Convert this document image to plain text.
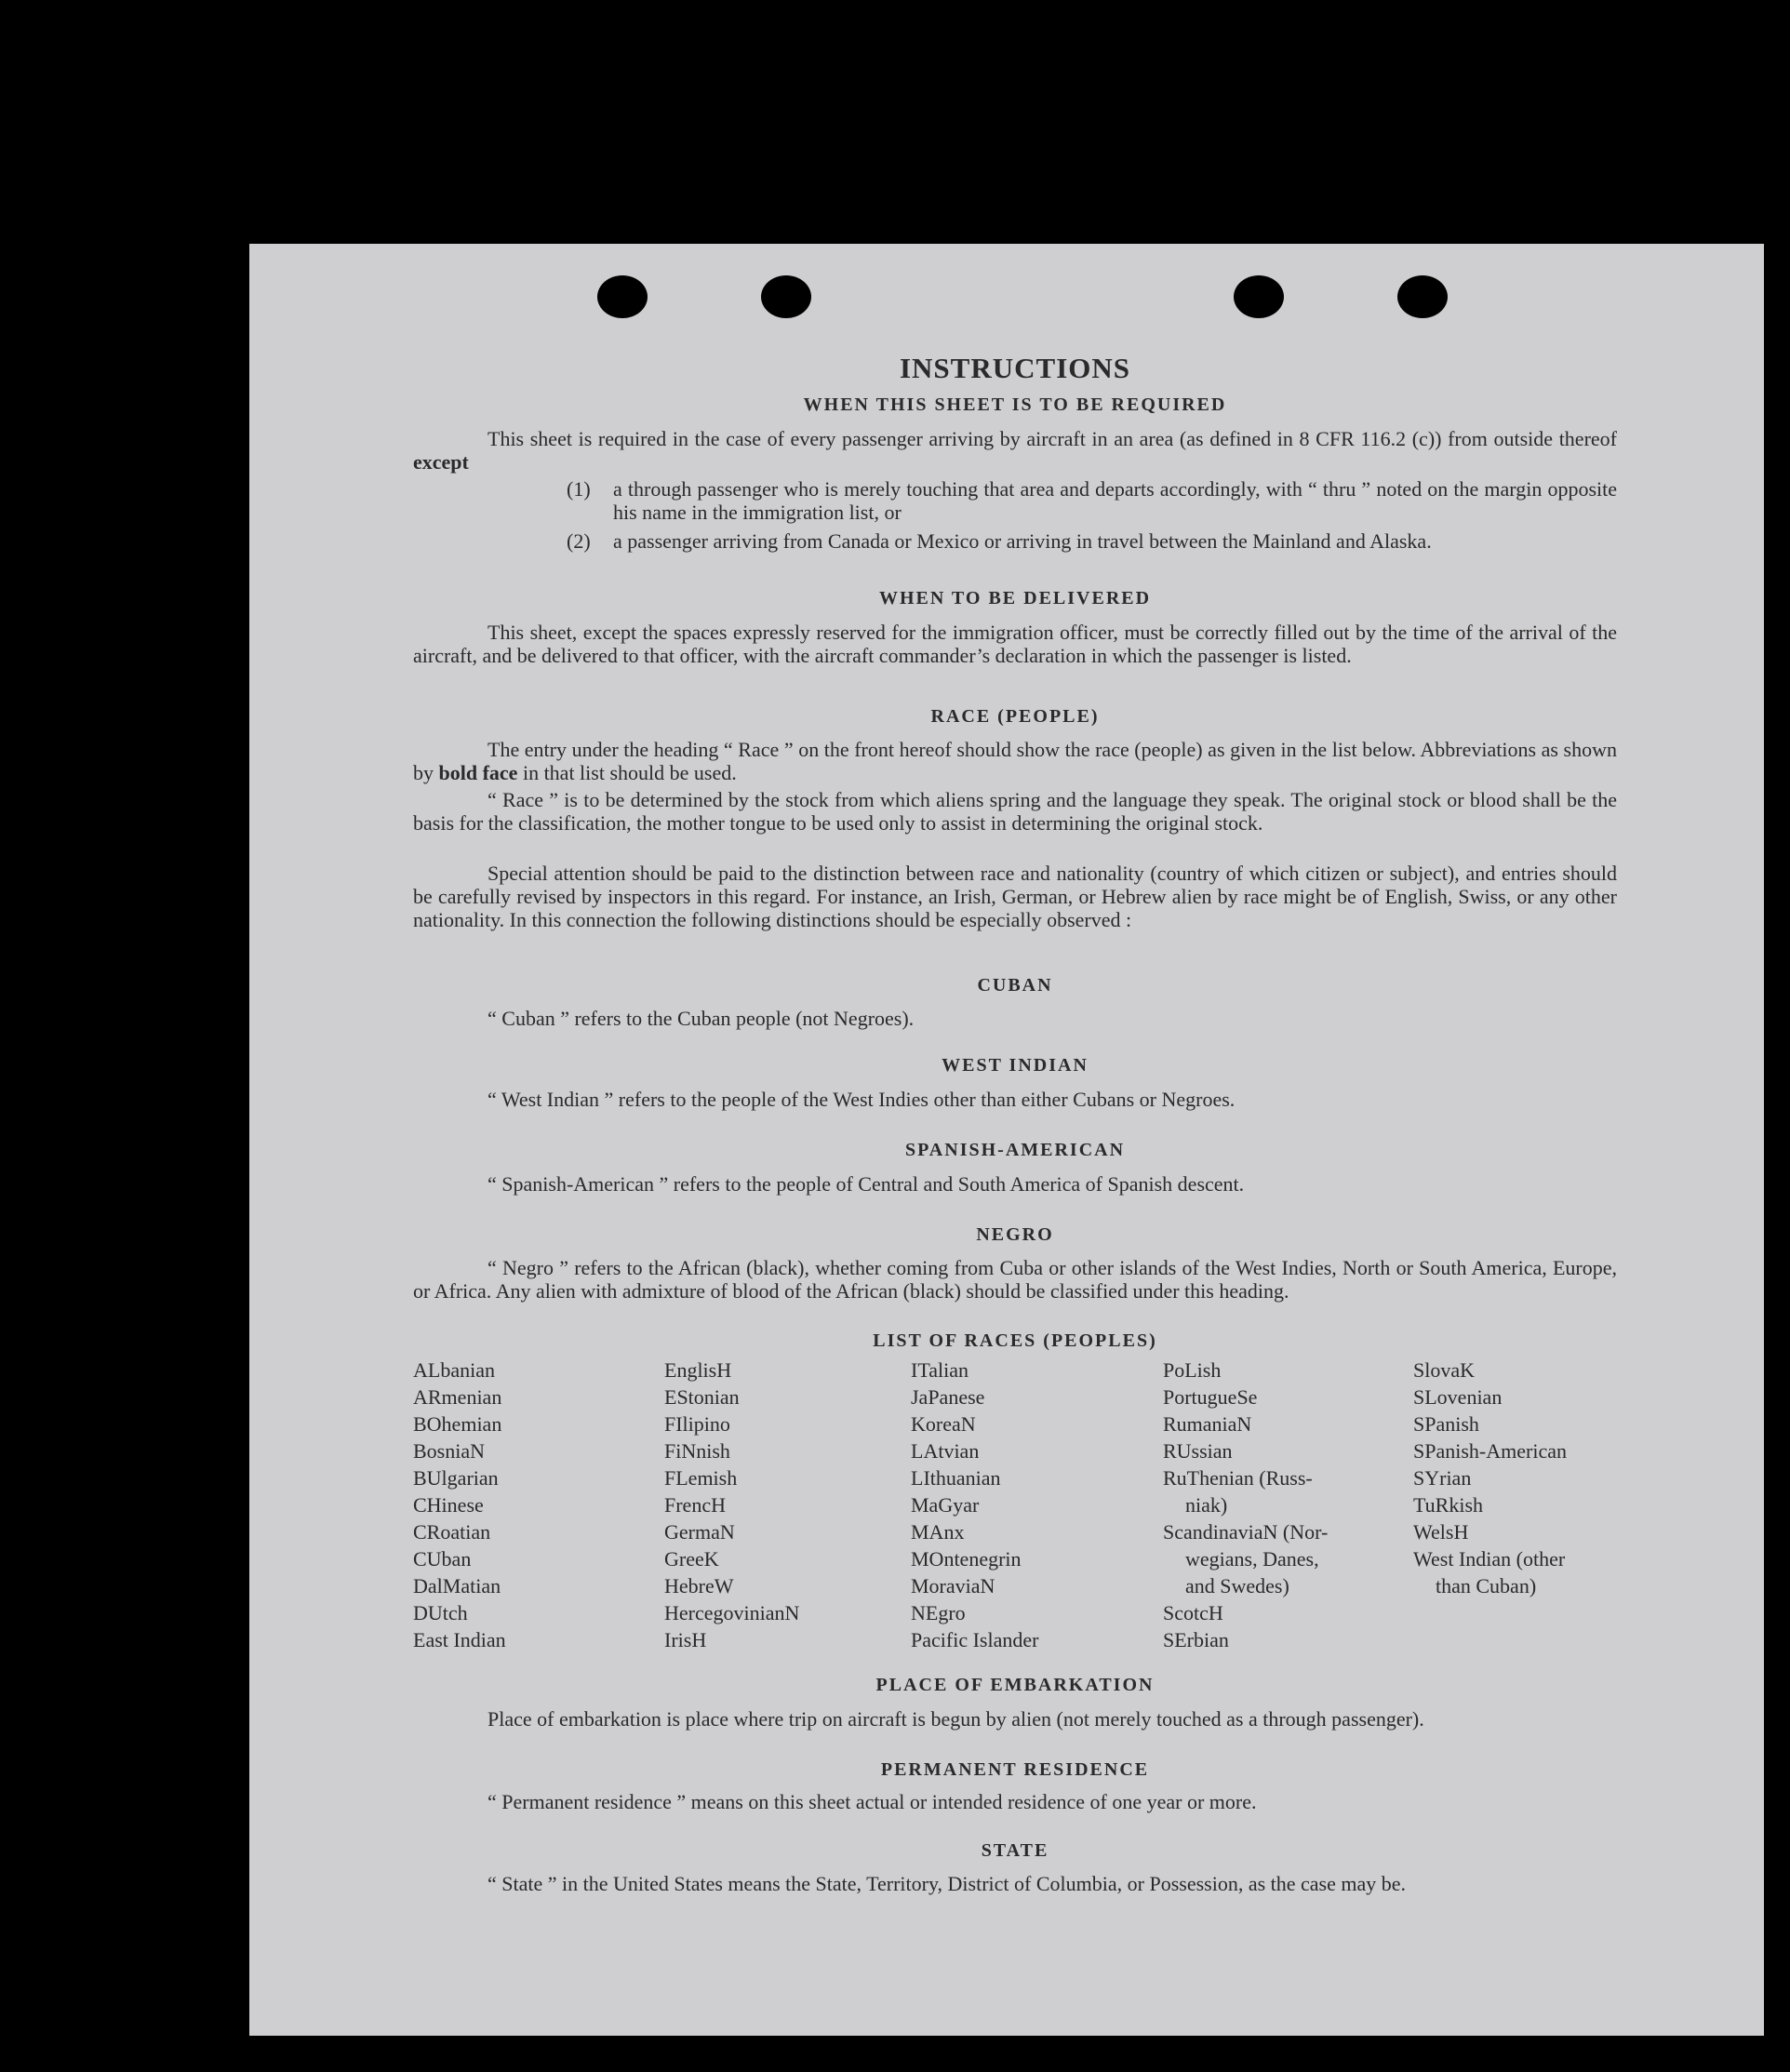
INSTRUCTIONS
WHEN THIS SHEET IS TO BE REQUIRED
This sheet is required in the case of every passenger arriving by aircraft in an area (as defined in 8 CFR 116.2 (c)) from outside thereof except
(1) a through passenger who is merely touching that area and departs accordingly, with “ thru ” noted on the margin opposite his name in the immigration list, or
(2) a passenger arriving from Canada or Mexico or arriving in travel between the Mainland and Alaska.
WHEN TO BE DELIVERED
This sheet, except the spaces expressly reserved for the immigration officer, must be correctly filled out by the time of the arrival of the aircraft, and be delivered to that officer, with the aircraft commander’s declaration in which the passenger is listed.
RACE (PEOPLE)
The entry under the heading “ Race ” on the front hereof should show the race (people) as given in the list below. Abbreviations as shown by bold face in that list should be used.
“ Race ” is to be determined by the stock from which aliens spring and the language they speak. The original stock or blood shall be the basis for the classification, the mother tongue to be used only to assist in determining the original stock.
Special attention should be paid to the distinction between race and nationality (country of which citizen or subject), and entries should be carefully revised by inspectors in this regard. For instance, an Irish, German, or Hebrew alien by race might be of English, Swiss, or any other nationality. In this connection the following distinctions should be especially observed :
CUBAN
“ Cuban ” refers to the Cuban people (not Negroes).
WEST INDIAN
“ West Indian ” refers to the people of the West Indies other than either Cubans or Negroes.
SPANISH-AMERICAN
“ Spanish-American ” refers to the people of Central and South America of Spanish descent.
NEGRO
“ Negro ” refers to the African (black), whether coming from Cuba or other islands of the West Indies, North or South America, Europe, or Africa. Any alien with admixture of blood of the African (black) should be classified under this heading.
LIST OF RACES (PEOPLES)
ALbanian
ARmenian
BOhemian
BosniaN
BUlgarian
CHinese
CRoatian
CUban
DalMatian
DUtch
East Indian
EnglisH
EStonian
FIlipino
FiNnish
FLemish
FrencH
GermaN
GreeK
HebreW
HercegovinianN
IrisH
ITalian
JaPanese
KoreaN
LAtvian
LIthuanian
MaGyar
MAnx
MOntenegrin
MoraviaN
NEgro
Pacific Islander
PoLish
PortugueSe
RumaniaN
RUssian
RuThenian (Russ-
niak)
ScandinaviaN (Nor-
wegians, Danes,
and Swedes)
ScotcH
SErbian
SlovaK
SLovenian
SPanish
SPanish-American
SYrian
TuRkish
WelsH
West Indian (other
than Cuban)
PLACE OF EMBARKATION
Place of embarkation is place where trip on aircraft is begun by alien (not merely touched as a through passenger).
PERMANENT RESIDENCE
“ Permanent residence ” means on this sheet actual or intended residence of one year or more.
STATE
“ State ” in the United States means the State, Territory, District of Columbia, or Possession, as the case may be.
